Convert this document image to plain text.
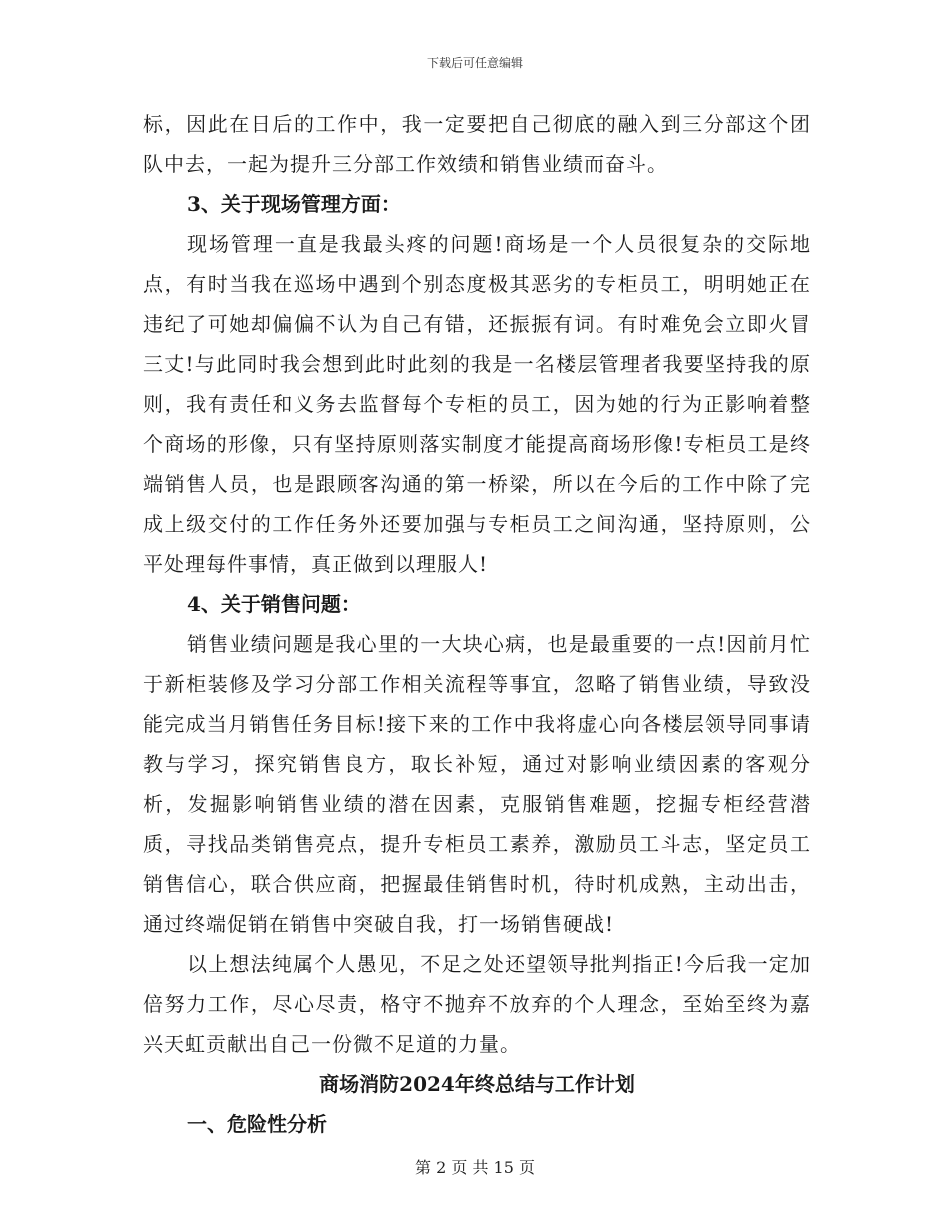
下载后可任意编辑

标，因此在日后的工作中，我一定要把自己彻底的融入到三分部这个团队中去，一起为提升三分部工作效绩和销售业绩而奋斗。

3、关于现场管理方面：

现场管理一直是我最头疼的问题!商场是一个人员很复杂的交际地点，有时当我在巡场中遇到个别态度极其恶劣的专柜员工，明明她正在违纪了可她却偏偏不认为自己有错，还振振有词。有时难免会立即火冒三丈!与此同时我会想到此时此刻的我是一名楼层管理者我要坚持我的原则，我有责任和义务去监督每个专柜的员工，因为她的行为正影响着整个商场的形像，只有坚持原则落实制度才能提高商场形像!专柜员工是终端销售人员，也是跟顾客沟通的第一桥梁，所以在今后的工作中除了完成上级交付的工作任务外还要加强与专柜员工之间沟通，坚持原则，公平处理每件事情，真正做到以理服人!

4、关于销售问题：

销售业绩问题是我心里的一大块心病，也是最重要的一点!因前月忙于新柜装修及学习分部工作相关流程等事宜，忽略了销售业绩，导致没能完成当月销售任务目标!接下来的工作中我将虚心向各楼层领导同事请教与学习，探究销售良方，取长补短，通过对影响业绩因素的客观分析，发掘影响销售业绩的潜在因素，克服销售难题，挖掘专柜经营潜质，寻找品类销售亮点，提升专柜员工素养，激励员工斗志，坚定员工销售信心，联合供应商，把握最佳销售时机，待时机成熟，主动出击，通过终端促销在销售中突破自我，打一场销售硬战!

以上想法纯属个人愚见，不足之处还望领导批判指正!今后我一定加倍努力工作，尽心尽责，格守不抛弃不放弃的个人理念，至始至终为嘉兴天虹贡献出自己一份微不足道的力量。

商场消防2024年终总结与工作计划

一、危险性分析

第 2 页 共 15 页
